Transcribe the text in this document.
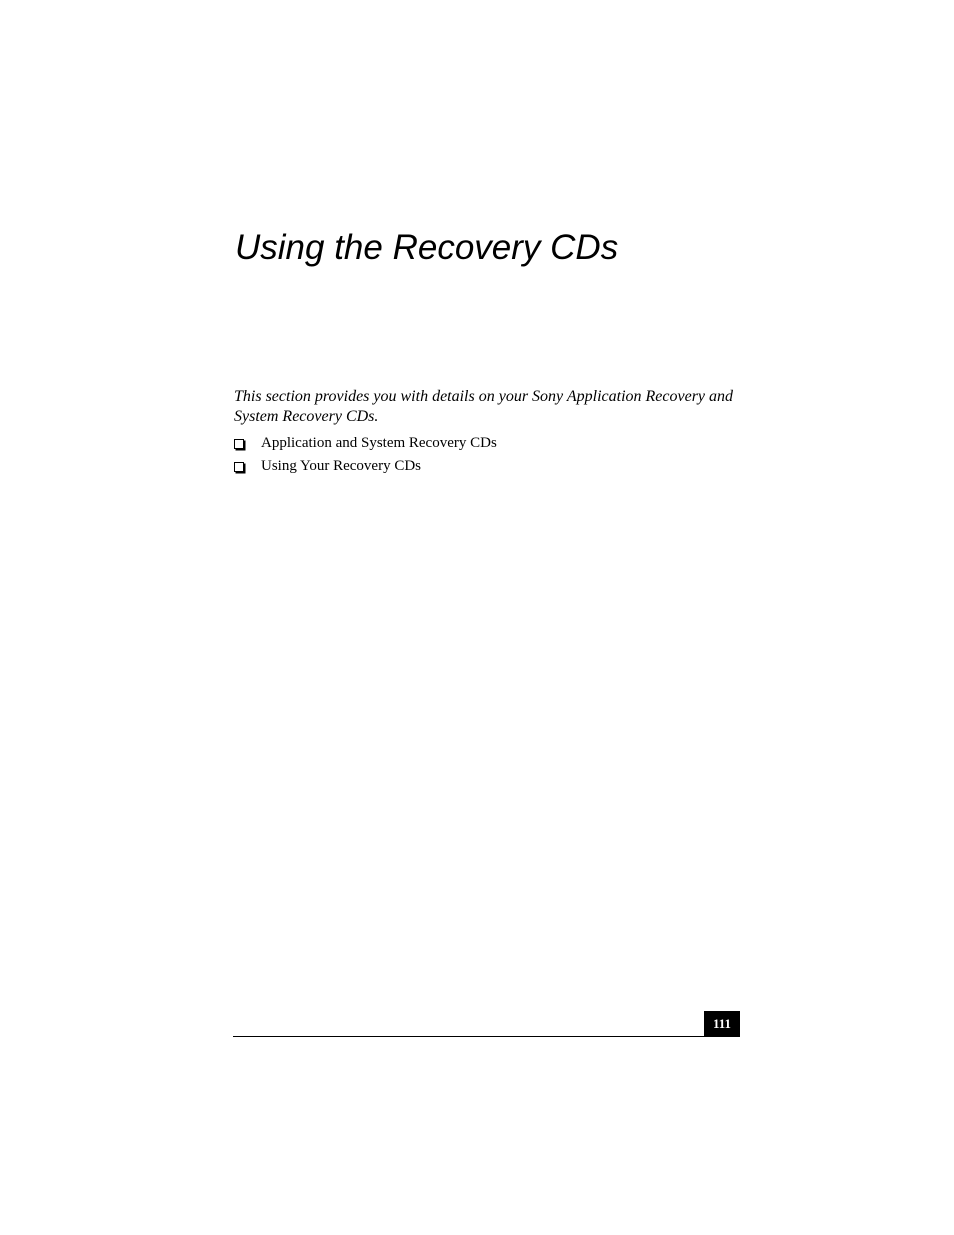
Using the Recovery CDs

This section provides you with details on your Sony Application Recovery and System Recovery CDs.

Application and System Recovery CDs
Using Your Recovery CDs
111
